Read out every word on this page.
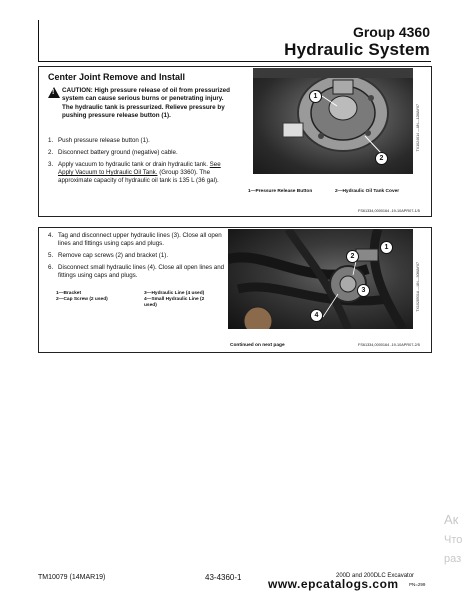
Group 4360
Hydraulic System
Center Joint Remove and Install
! CAUTION: High pressure release of oil from pressurized system can cause serious burns or penetrating injury. The hydraulic tank is pressurized. Relieve pressure by pushing pressure release button (1).
1. Push pressure release button (1).
2. Disconnect battery ground (negative) cable.
3. Apply vacuum to hydraulic tank or drain hydraulic tank. See Apply Vacuum to Hydraulic Oil Tank. (Group 3360). The approximate capacity of hydraulic oil tank is 135 L (36 gal).
1
2
TX1024614 —UN—12MAY07
1—Pressure Release Button	2—Hydraulic Oil Tank Cover
FS61334,0000164 -19-10APR07-1/5
4. Tag and disconnect upper hydraulic lines (3). Close all open lines and fittings using caps and plugs.
5. Remove cap screws (2) and bracket (1).
6. Disconnect small hydraulic lines (4). Close all open lines and fittings using caps and plugs.
1—Bracket
2—Cap Screw (2 used)
3—Hydraulic Line (4 used)
4—Small Hydraulic Line (2 used)
1
2
3
4
TX1028931A —UN—30MAY07
Continued on next page	FS61334,0000164 -19-10APR07-2/5
Ак
Что
раз
TM10079 (14MAR19)	43-4360-1	200D and 200DLC Excavator
PN=299
www.epcatalogs.com
